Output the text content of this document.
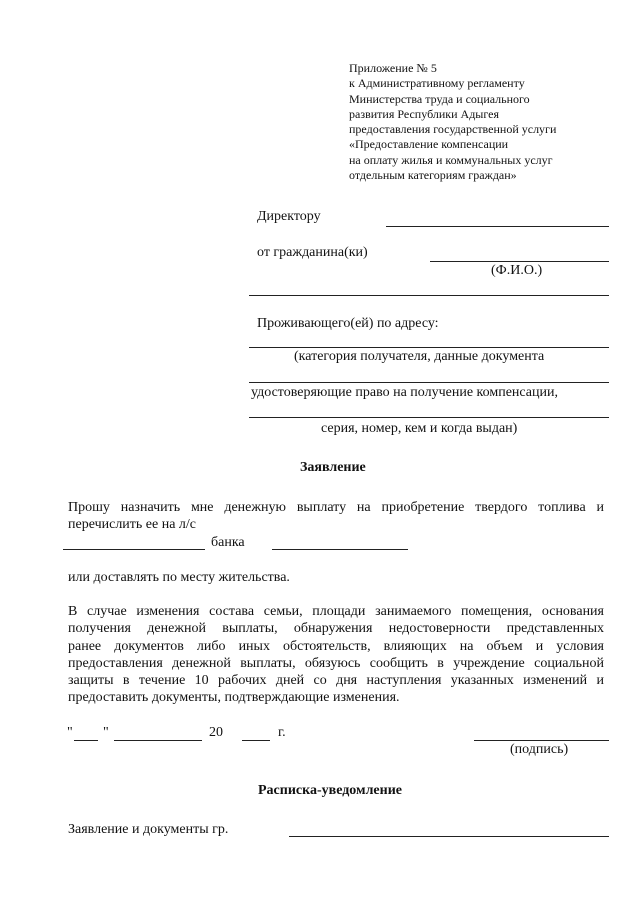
Приложение № 5
к Административному регламенту
Министерства труда и социального
развития Республики Адыгея
предоставления государственной услуги
«Предоставление компенсации
на оплату жилья и коммунальных услуг
отдельным категориям граждан»
Директору
от гражданина(ки)
(Ф.И.О.)
Проживающего(ей) по адресу:
(категория получателя, данные документа
удостоверяющие право на получение компенсации,
серия, номер, кем и когда выдан)
Заявление
Прошу назначить мне денежную выплату на приобретение твердого топлива и
перечислить ее на л/с
банка
или доставлять по месту жительства.
В случае изменения состава семьи, площади занимаемого помещения, основания
получения денежной выплаты, обнаружения недостоверности представленных
ранее документов либо иных обстоятельств, влияющих на объем и условия
предоставления денежной выплаты, обязуюсь сообщить в учреждение социальной
защиты в течение 10 рабочих дней со дня наступления указанных изменений и
предоставить документы, подтверждающие изменения.
" "	20	г.
(подпись)
Расписка-уведомление
Заявление и документы гр.
